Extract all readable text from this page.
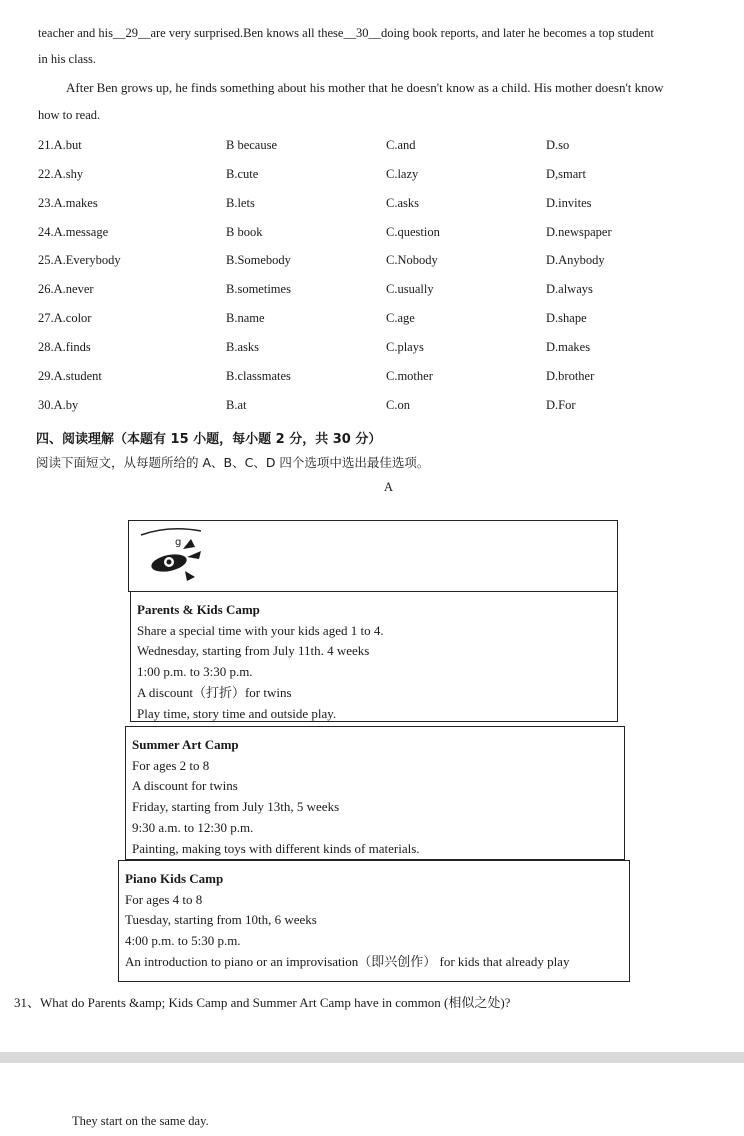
teacher and his__29__are very surprised.Ben knows all these__30__doing book reports, and later he becomes a top student
in his class.
After Ben grows up, he finds something about his mother that he doesn't know as a child. His mother doesn't know
how to read.
21.A.but	B because	C.and	D.so
22.A.shy	B.cute	C.lazy	D,smart
23.A.makes	B.lets	C.asks	D.invites
24.A.message	B book	C.question	D.newspaper
25.A.Everybody	B.Somebody	C.Nobody	D.Anybody
26.A.never	B.sometimes	C.usually	D.always
27.A.color	B.name	C.age	D.shape
28.A.finds	B.asks	C.plays	D.makes
29.A.student	B.classmates	C.mother	D.brother
30.A.by	B.at	C.on	D.For
四、阅读理解（本题有 15 小题，每小题 2 分，共 30 分）
阅读下面短文，从每题所给的 A、B、C、D 四个选项中选出最佳选项。
A
g
Parents & Kids Camp
Share a special time with your kids aged 1 to 4.
Wednesday, starting from July 11th. 4 weeks
1:00 p.m. to 3:30 p.m.
A discount（打折）for twins
Play time, story time and outside play.
Summer Art Camp
For ages 2 to 8
A discount for twins
Friday, starting from July 13th, 5 weeks
9:30 a.m. to 12:30 p.m.
Painting, making toys with different kinds of materials.
Piano Kids Camp
For ages 4 to 8
Tuesday, starting from 10th, 6 weeks
4:00 p.m. to 5:30 p.m.
An introduction to piano or an improvisation（即兴创作） for kids that already play
31、What do Parents &amp; Kids Camp and Summer Art Camp have in common (相似之处)?
They start on the same day.
